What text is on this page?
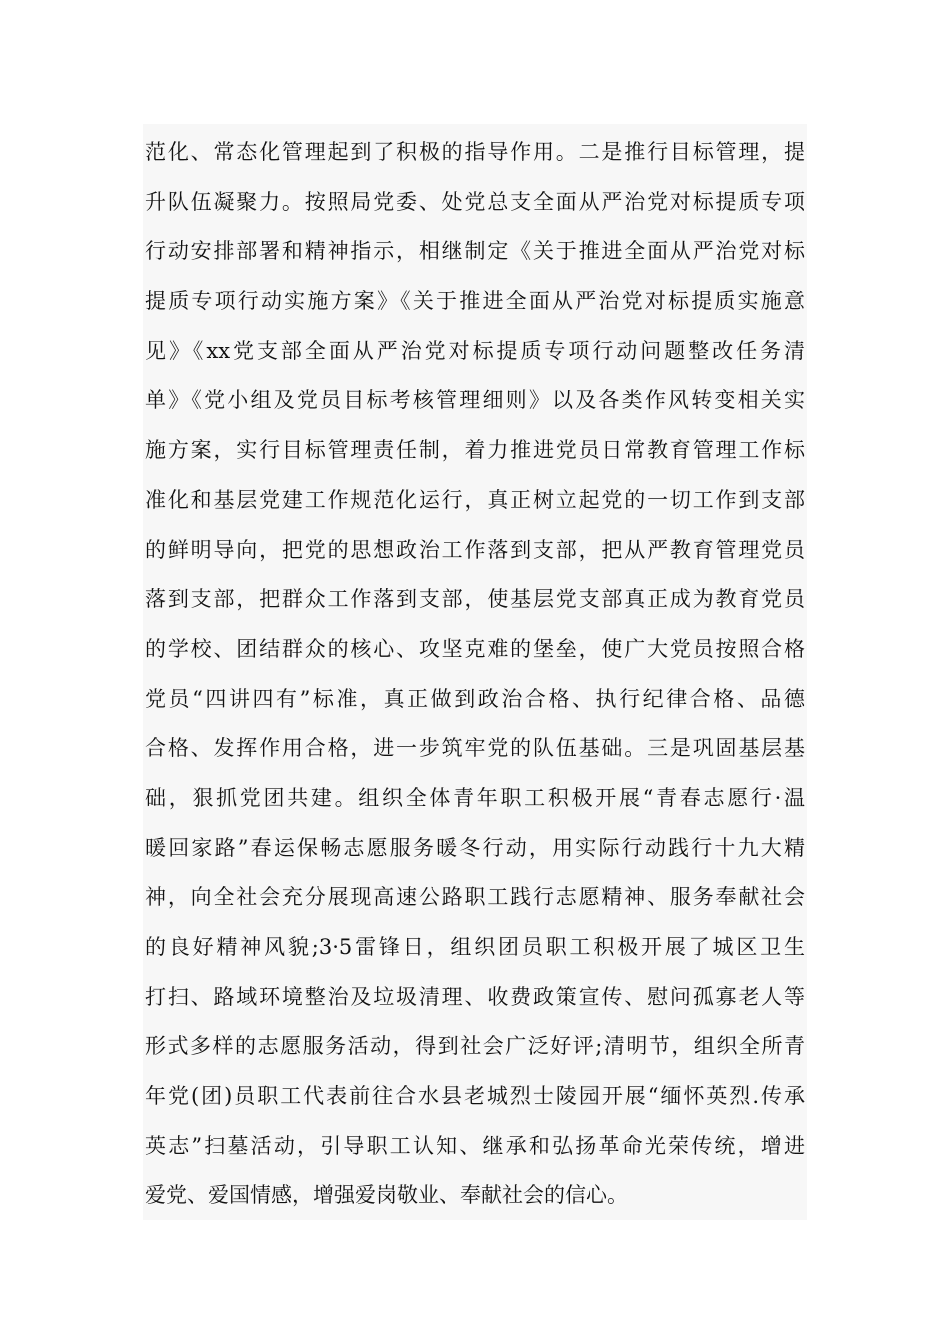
范化、常态化管理起到了积极的指导作用。二是推行目标管理，提
升队伍凝聚力。按照局党委、处党总支全面从严治党对标提质专项
行动安排部署和精神指示，相继制定《关于推进全面从严治党对标
提质专项行动实施方案》《关于推进全面从严治党对标提质实施意
见》《xx党支部全面从严治党对标提质专项行动问题整改任务清
单》《党小组及党员目标考核管理细则》以及各类作风转变相关实
施方案，实行目标管理责任制，着力推进党员日常教育管理工作标
准化和基层党建工作规范化运行，真正树立起党的一切工作到支部
的鲜明导向，把党的思想政治工作落到支部，把从严教育管理党员
落到支部，把群众工作落到支部，使基层党支部真正成为教育党员
的学校、团结群众的核心、攻坚克难的堡垒，使广大党员按照合格
党员“四讲四有”标准，真正做到政治合格、执行纪律合格、品德
合格、发挥作用合格，进一步筑牢党的队伍基础。三是巩固基层基
础，狠抓党团共建。组织全体青年职工积极开展“青春志愿行·温
暖回家路”春运保畅志愿服务暖冬行动，用实际行动践行十九大精
神，向全社会充分展现高速公路职工践行志愿精神、服务奉献社会
的良好精神风貌;3·5雷锋日，组织团员职工积极开展了城区卫生
打扫、路域环境整治及垃圾清理、收费政策宣传、慰问孤寡老人等
形式多样的志愿服务活动，得到社会广泛好评;清明节，组织全所青
年党(团)员职工代表前往合水县老城烈士陵园开展“缅怀英烈.传承
英志”扫墓活动，引导职工认知、继承和弘扬革命光荣传统，增进
爱党、爱国情感，增强爱岗敬业、奉献社会的信心。
